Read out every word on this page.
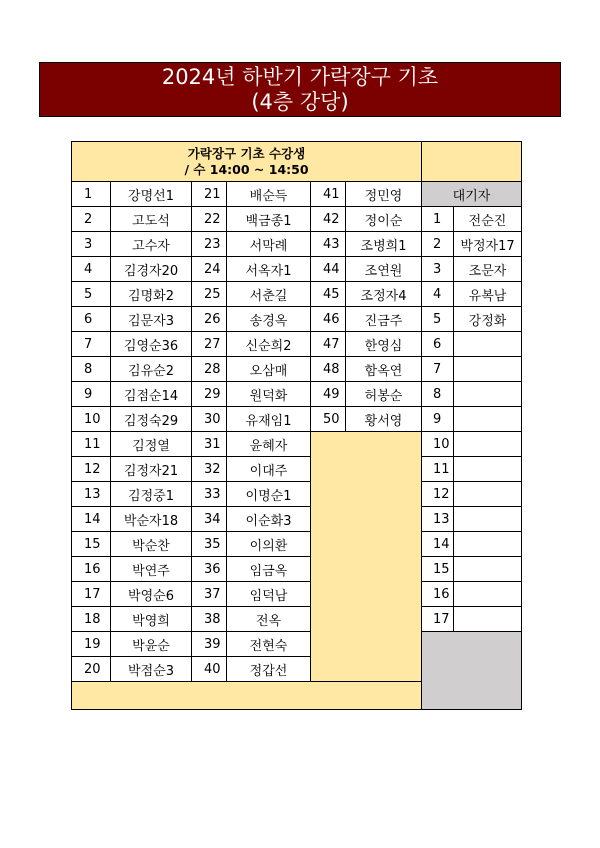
2024년 하반기 가락장구 기초
(4층 강당)
가락장구 기초 수강생
/ 수 14:00 ~ 14:50							

1	강명선1	21	배순득	41	정민영	대기자	
2	고도석	22	백금종1	42	정이순	1	전순진
3	고수자	23	서막례	43	조병희1	2	박정자17
4	김경자20	24	서옥자1	44	조연원	3	조문자
5	김명화2	25	서춘길	45	조정자4	4	유복남
6	김문자3	26	송경옥	46	진금주	5	강정화
7	김영순36	27	신순희2	47	한영심	6	
8	김유순2	28	오삼매	48	함옥연	7	
9	김점순14	29	원덕화	49	허봉순	8	
10	김정숙29	30	유재임1	50	황서영	9	
11	김정열	31	윤혜자			10	
12	김정자21	32	이대주			11	
13	김정중1	33	이명순1			12	
14	박순자18	34	이순화3			13	
15	박순찬	35	이의환			14	
16	박연주	36	임금옥			15	
17	박영순6	37	임덕남			16	
18	박영희	38	전옥			17	
19	박윤순	39	전현숙				
20	박점순3	40	정갑선				
